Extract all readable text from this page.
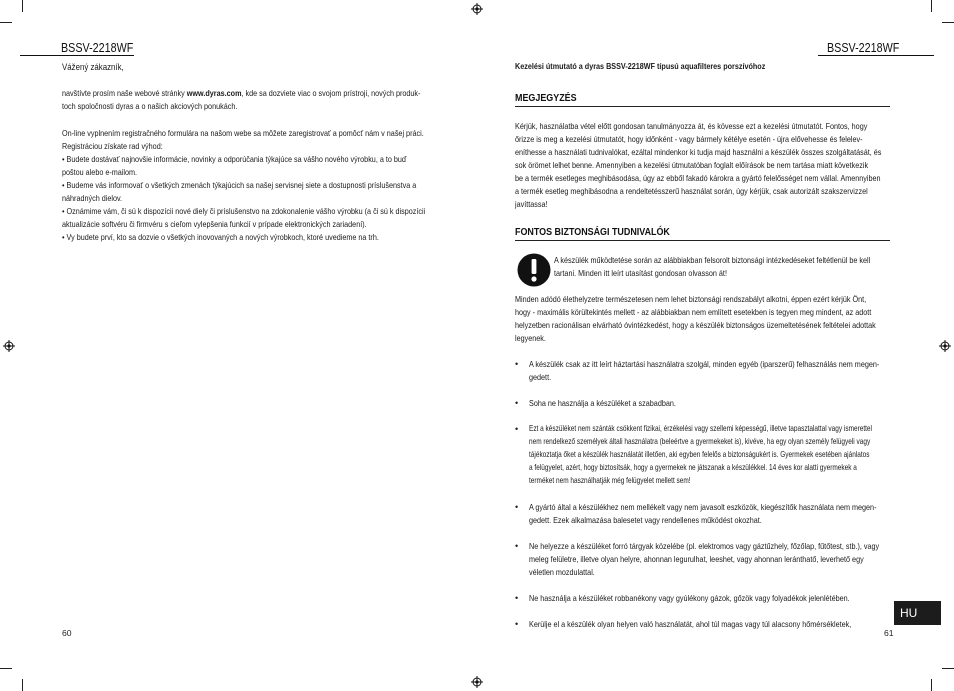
BSSV-2218WF
Vážený zákazník,
navštívte prosím naše webové stránky www.dyras.com, kde sa dozviete viac o svojom prístroji, nových produk-
toch spoločnosti dyras a o našich akciových ponukách.
On-line vyplnením registračného formulára na našom webe sa môžete zaregistrovať a pomôcť nám v našej práci.
Registráciou získate rad výhod:
• Budete dostávať najnovšie informácie, novinky a odporúčania týkajúce sa vášho nového výrobku, a to buď
poštou alebo e-mailom.
• Budeme vás informovať o všetkých zmenách týkajúcich sa našej servisnej siete a dostupnosti príslušenstva a
náhradných dielov.
• Oznámime vám, či sú k dispozícii nové diely či príslušenstvo na zdokonalenie vášho výrobku (a či sú k dispozícii
aktualizácie softvéru či firmvéru s cieľom vylepšenia funkcií v prípade elektronických zariadení).
• Vy budete prví, kto sa dozvie o všetkých inovovaných a nových výrobkoch, ktoré uvedieme na trh.
60
BSSV-2218WF
Kezelési útmutató a dyras BSSV-2218WF típusú aquafilteres porszívóhoz
MEGJEGYZÉS
Kérjük, használatba vétel előtt gondosan tanulmányozza át, és kövesse ezt a kezelési útmutatót. Fontos, hogy
őrizze is meg a kezelési útmutatót, hogy időnként - vagy bármely kétélye esetén - újra elővehesse és felelev-
eníthesse a használati tudnivalókat, ezáltal mindenkor ki tudja majd használni a készülék összes szolgáltatását, és
sok örömet lelhet benne. Amennyiben a kezelési útmutatóban foglalt előírások be nem tartása miatt következik
be a termék esetleges meghibásodása, úgy az ebből fakadó károkra a gyártó felelősséget nem vállal. Amennyiben
a termék esetleg meghibásodna a rendeltetésszerű használat során, úgy kérjük, csak autorizált szakszervizzel
javíttassa!
FONTOS BIZTONSÁGI TUDNIVALÓK
A készülék működtetése során az alábbiakban felsorolt biztonsági intézkedéseket feltétlenül be kell
tartani. Minden itt leírt utasítást gondosan olvasson át!
Minden adódó élethelyzetre természetesen nem lehet biztonsági rendszabályt alkotni, éppen ezért kérjük Önt,
hogy - maximális körültekintés mellett - az alábbiakban nem említett esetekben is tegyen meg mindent, az adott
helyzetben racionálisan elvárható óvintézkedést, hogy a készülék biztonságos üzemeltetésének feltételei adottak
legyenek.
• A készülék csak az itt leírt háztartási használatra szolgál, minden egyéb (iparszerű) felhasználás nem megen-
gedett.
• Soha ne használja a készüléket a szabadban.
• Ezt a készüléket nem szánták csökkent fizikai, érzékelési vagy szellemi képességű, illetve tapasztalattal vagy ismerettel
nem rendelkező személyek általi használatra (beleértve a gyermekeket is), kivéve, ha egy olyan személy felügyeli vagy
tájékoztatja őket a készülék használatát illetően, aki egyben felelős a biztonságukért is. Gyermekek esetében ajánlatos
a felügyelet, azért, hogy biztosítsák, hogy a gyermekek ne játszanak a készülékkel. 14 éves kor alatti gyermekek a
terméket nem használhatják még felügyelet mellett sem!
• A gyártó által a készülékhez nem mellékelt vagy nem javasolt eszközök, kiegészítők használata nem megen-
gedett. Ezek alkalmazása balesetet vagy rendellenes működést okozhat.
• Ne helyezze a készüléket forró tárgyak közelébe (pl. elektromos vagy gáztűzhely, főzőlap, fűtőtest, stb.), vagy
meleg felületre, illetve olyan helyre, ahonnan legurulhat, leeshet, vagy ahonnan leránthatő, leverhető egy
véletlen mozdulattal.
• Ne használja a készüléket robbanékony vagy gyúlékony gázok, gőzök vagy folyadékok jelenlétében.
• Kerülje el a készülék olyan helyen való használatát, ahol túl magas vagy túl alacsony hőmérsékletek,
HU
61
